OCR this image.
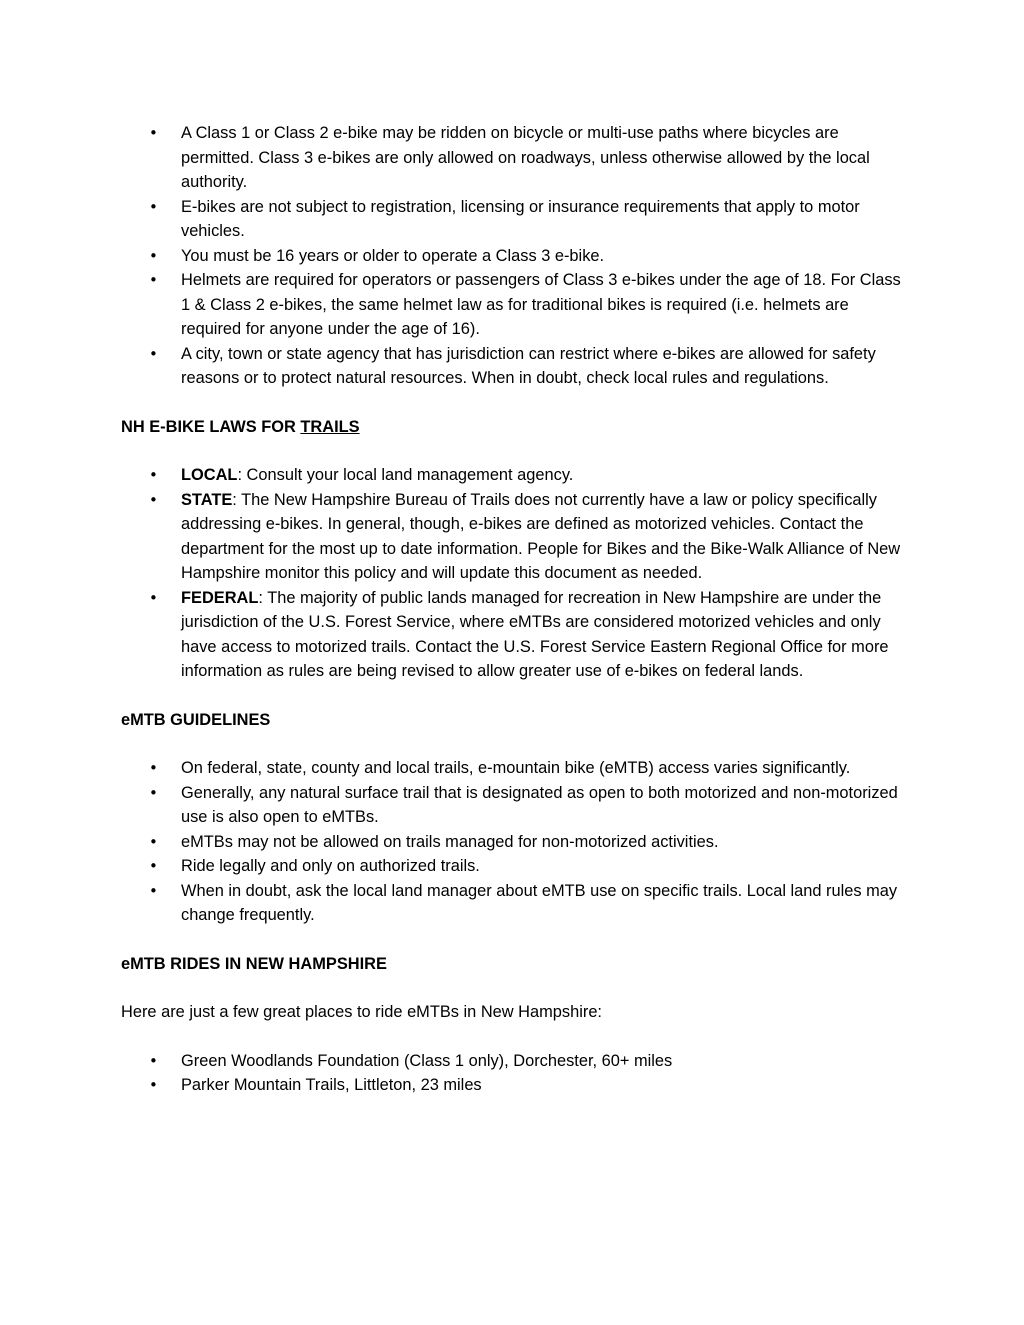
• A Class 1 or Class 2 e-bike may be ridden on bicycle or multi-use paths where bicycles are permitted. Class 3 e-bikes are only allowed on roadways, unless otherwise allowed by the local authority.
• E-bikes are not subject to registration, licensing or insurance requirements that apply to motor vehicles.
• You must be 16 years or older to operate a Class 3 e-bike.
• Helmets are required for operators or passengers of Class 3 e-bikes under the age of 18. For Class 1 & Class 2 e-bikes, the same helmet law as for traditional bikes is required (i.e. helmets are required for anyone under the age of 16).
• A city, town or state agency that has jurisdiction can restrict where e-bikes are allowed for safety reasons or to protect natural resources. When in doubt, check local rules and regulations.

NH E-BIKE LAWS FOR TRAILS

• LOCAL: Consult your local land management agency.
• STATE: The New Hampshire Bureau of Trails does not currently have a law or policy specifically addressing e-bikes. In general, though, e-bikes are defined as motorized vehicles. Contact the department for the most up to date information. People for Bikes and the Bike-Walk Alliance of New Hampshire monitor this policy and will update this document as needed.
• FEDERAL: The majority of public lands managed for recreation in New Hampshire are under the jurisdiction of the U.S. Forest Service, where eMTBs are considered motorized vehicles and only have access to motorized trails. Contact the U.S. Forest Service Eastern Regional Office for more information as rules are being revised to allow greater use of e-bikes on federal lands.

eMTB GUIDELINES

• On federal, state, county and local trails, e-mountain bike (eMTB) access varies significantly.
• Generally, any natural surface trail that is designated as open to both motorized and non-motorized use is also open to eMTBs.
• eMTBs may not be allowed on trails managed for non-motorized activities.
• Ride legally and only on authorized trails.
• When in doubt, ask the local land manager about eMTB use on specific trails. Local land rules may change frequently.

eMTB RIDES IN NEW HAMPSHIRE

Here are just a few great places to ride eMTBs in New Hampshire:

• Green Woodlands Foundation (Class 1 only), Dorchester, 60+ miles
• Parker Mountain Trails, Littleton, 23 miles
